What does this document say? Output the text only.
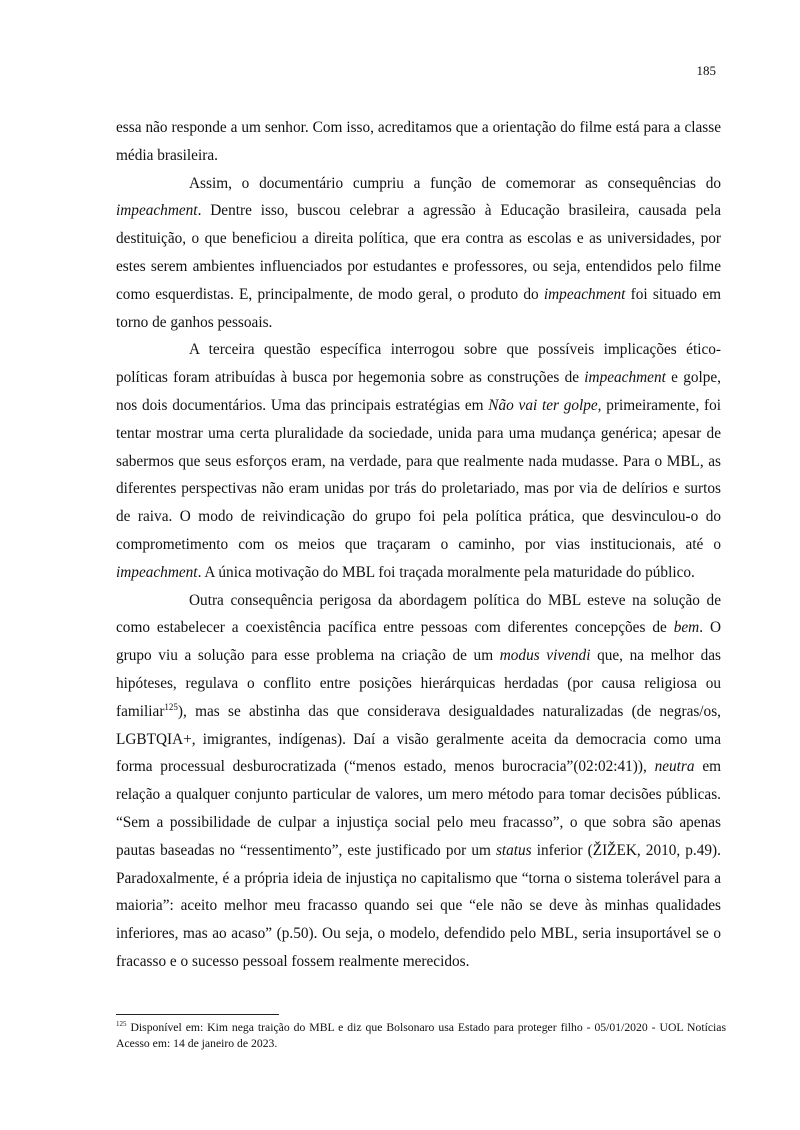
185

essa não responde a um senhor. Com isso, acreditamos que a orientação do filme está para a classe média brasileira.

Assim, o documentário cumpriu a função de comemorar as consequências do impeachment. Dentre isso, buscou celebrar a agressão à Educação brasileira, causada pela destituição, o que beneficiou a direita política, que era contra as escolas e as universidades, por estes serem ambientes influenciados por estudantes e professores, ou seja, entendidos pelo filme como esquerdistas. E, principalmente, de modo geral, o produto do impeachment foi situado em torno de ganhos pessoais.

A terceira questão específica interrogou sobre que possíveis implicações ético-políticas foram atribuídas à busca por hegemonia sobre as construções de impeachment e golpe, nos dois documentários. Uma das principais estratégias em Não vai ter golpe, primeiramente, foi tentar mostrar uma certa pluralidade da sociedade, unida para uma mudança genérica; apesar de sabermos que seus esforços eram, na verdade, para que realmente nada mudasse. Para o MBL, as diferentes perspectivas não eram unidas por trás do proletariado, mas por via de delírios e surtos de raiva. O modo de reivindicação do grupo foi pela política prática, que desvinculou-o do comprometimento com os meios que traçaram o caminho, por vias institucionais, até o impeachment. A única motivação do MBL foi traçada moralmente pela maturidade do público.

Outra consequência perigosa da abordagem política do MBL esteve na solução de como estabelecer a coexistência pacífica entre pessoas com diferentes concepções de bem. O grupo viu a solução para esse problema na criação de um modus vivendi que, na melhor das hipóteses, regulava o conflito entre posições hierárquicas herdadas (por causa religiosa ou familiar$^{125}$), mas se abstinha das que considerava desigualdades naturalizadas (de negras/os, LGBTQIA+, imigrantes, indígenas). Daí a visão geralmente aceita da democracia como uma forma processual desburocratizada (“menos estado, menos burocracia”(02:02:41)), neutra em relação a qualquer conjunto particular de valores, um mero método para tomar decisões públicas. “Sem a possibilidade de culpar a injustiça social pelo meu fracasso”, o que sobra são apenas pautas baseadas no “ressentimento”, este justificado por um status inferior (ŽIŽEK, 2010, p.49). Paradoxalmente, é a própria ideia de injustiça no capitalismo que “torna o sistema tolerável para a maioria”: aceito melhor meu fracasso quando sei que “ele não se deve às minhas qualidades inferiores, mas ao acaso” (p.50). Ou seja, o modelo, defendido pelo MBL, seria insuportável se o fracasso e o sucesso pessoal fossem realmente merecidos.

$^{125}$ Disponível em: Kim nega traição do MBL e diz que Bolsonaro usa Estado para proteger filho - 05/01/2020 - UOL Notícias Acesso em: 14 de janeiro de 2023.
